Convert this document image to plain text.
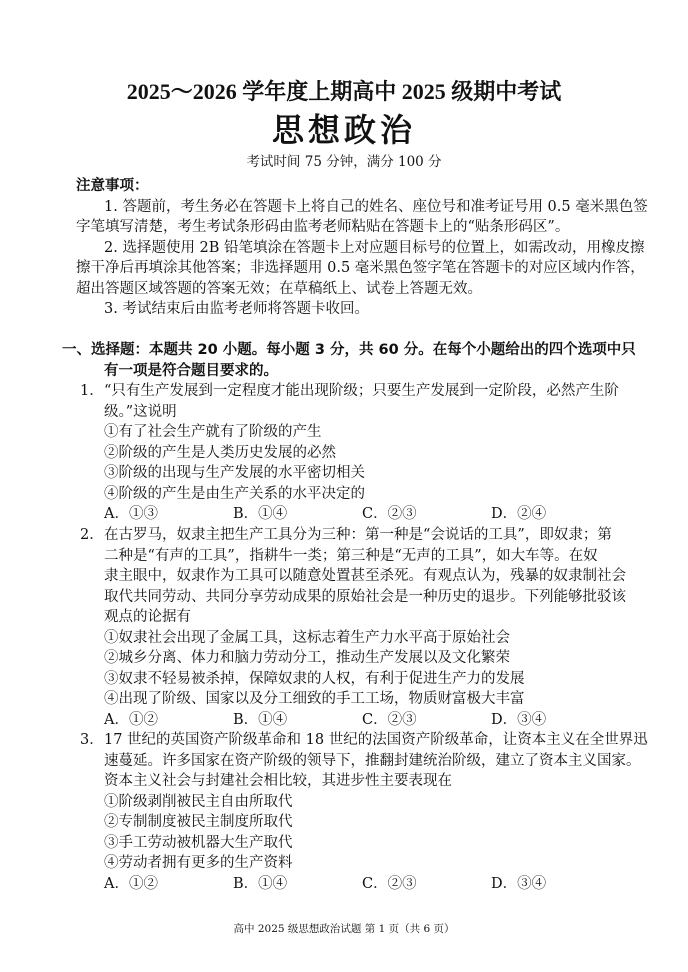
2025～2026 学年度上期高中 2025 级期中考试
思想政治
考试时间 75 分钟，满分 100 分
注意事项：
1. 答题前，考生务必在答题卡上将自己的姓名、座位号和准考证号用 0.5 毫米黑色签
字笔填写清楚，考生考试条形码由监考老师粘贴在答题卡上的“贴条形码区”。
2. 选择题使用 2B 铅笔填涂在答题卡上对应题目标号的位置上，如需改动，用橡皮擦
擦干净后再填涂其他答案；非选择题用 0.5 毫米黑色签字笔在答题卡的对应区域内作答，
超出答题区域答题的答案无效；在草稿纸上、试卷上答题无效。
3. 考试结束后由监考老师将答题卡收回。
一、选择题：本题共 20 小题。每小题 3 分，共 60 分。在每个小题给出的四个选项中只
有一项是符合题目要求的。
1．“只有生产发展到一定程度才能出现阶级；只要生产发展到一定阶段，必然产生阶
级。”这说明
①有了社会生产就有了阶级的产生
②阶级的产生是人类历史发展的必然
③阶级的出现与生产发展的水平密切相关
④阶级的产生是由生产关系的水平决定的
A．①③	B．①④	C．②③	D．②④
2．在古罗马，奴隶主把生产工具分为三种：第一种是“会说话的工具”，即奴隶；第
二种是“有声的工具”，指耕牛一类；第三种是“无声的工具”，如大车等。在奴
隶主眼中，奴隶作为工具可以随意处置甚至杀死。有观点认为，残暴的奴隶制社会
取代共同劳动、共同分享劳动成果的原始社会是一种历史的退步。下列能够批驳该
观点的论据有
①奴隶社会出现了金属工具，这标志着生产力水平高于原始社会
②城乡分离、体力和脑力劳动分工，推动生产发展以及文化繁荣
③奴隶不轻易被杀掉，保障奴隶的人权，有利于促进生产力的发展
④出现了阶级、国家以及分工细致的手工工场，物质财富极大丰富
A．①②	B．①④	C．②③	D．③④
3．17 世纪的英国资产阶级革命和 18 世纪的法国资产阶级革命，让资本主义在全世界迅
速蔓延。许多国家在资产阶级的领导下，推翻封建统治阶级，建立了资本主义国家。
资本主义社会与封建社会相比较，其进步性主要表现在
①阶级剥削被民主自由所取代
②专制制度被民主制度所取代
③手工劳动被机器大生产取代
④劳动者拥有更多的生产资料
A．①②	B．①④	C．②③	D．③④
高中 2025 级思想政治试题 第 1 页（共 6 页）
